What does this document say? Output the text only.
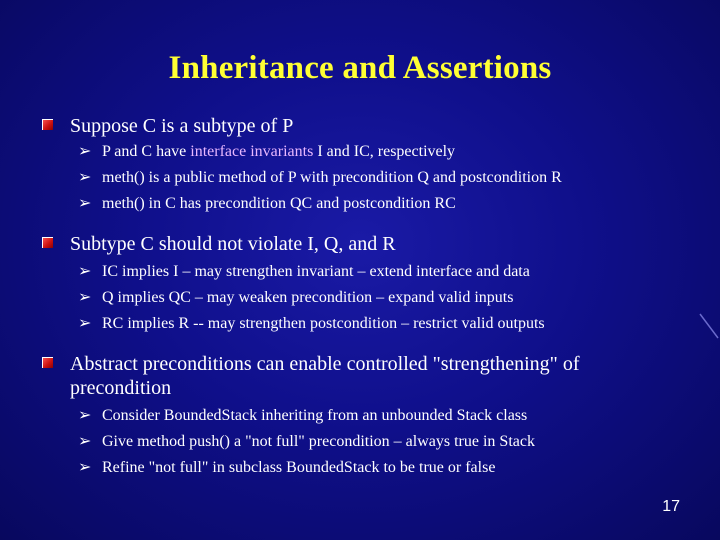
Inheritance and Assertions
Suppose C is a subtype of P
➢ P and C have interface invariants I and IC, respectively
➢ meth() is a public method of P with precondition Q and postcondition R
➢ meth() in C has precondition QC and postcondition RC
Subtype C should not violate I, Q, and R
➢ IC implies I – may strengthen invariant – extend interface and data
➢ Q implies QC – may weaken precondition – expand valid inputs
➢ RC implies R -- may strengthen postcondition – restrict valid outputs
Abstract preconditions can enable controlled "strengthening" of precondition
➢ Consider BoundedStack inheriting from an unbounded Stack class
➢ Give method push() a "not full" precondition – always true in Stack
➢ Refine "not full" in subclass BoundedStack to be true or false
17
